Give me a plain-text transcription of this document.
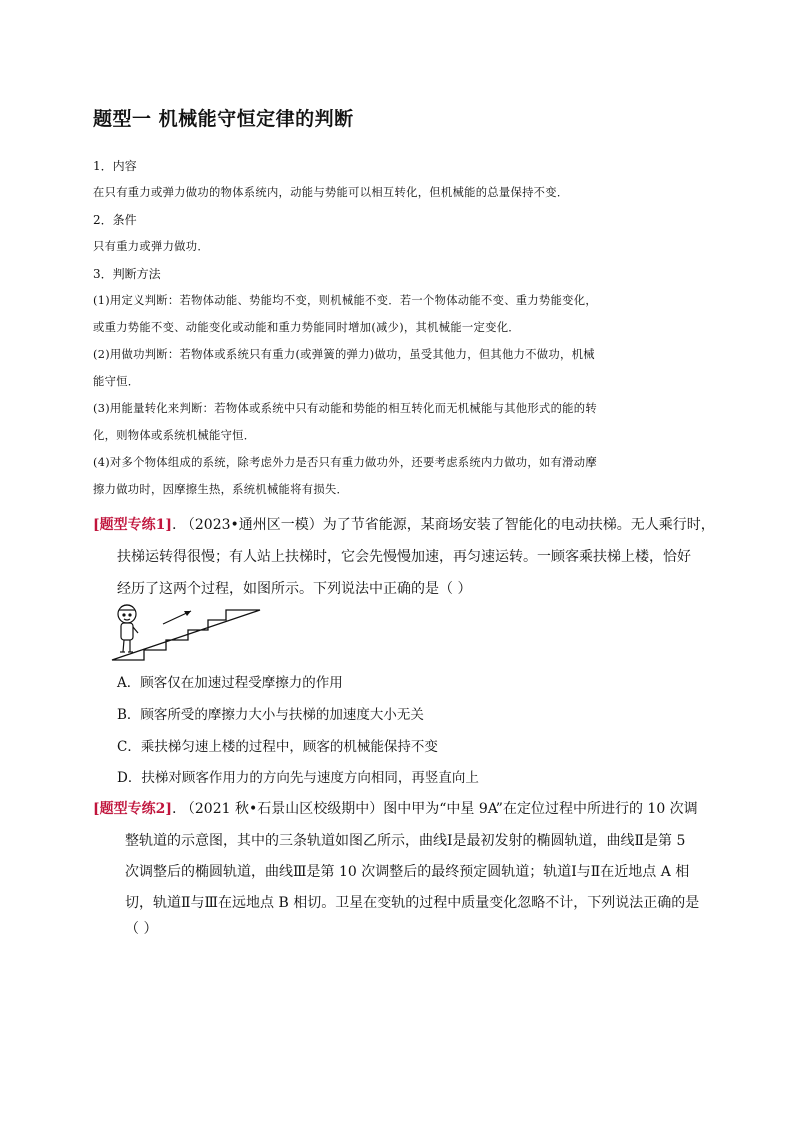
题型一 机械能守恒定律的判断
1．内容
在只有重力或弹力做功的物体系统内，动能与势能可以相互转化，但机械能的总量保持不变．
2．条件
只有重力或弹力做功．
3．判断方法
(1)用定义判断：若物体动能、势能均不变，则机械能不变．若一个物体动能不变、重力势能变化，
或重力势能不变、动能变化或动能和重力势能同时增加(减少)，其机械能一定变化．
(2)用做功判断：若物体或系统只有重力(或弹簧的弹力)做功，虽受其他力，但其他力不做功，机械
能守恒．
(3)用能量转化来判断：若物体或系统中只有动能和势能的相互转化而无机械能与其他形式的能的转
化，则物体或系统机械能守恒．
(4)对多个物体组成的系统，除考虑外力是否只有重力做功外，还要考虑系统内力做功，如有滑动摩
擦力做功时，因摩擦生热，系统机械能将有损失．
[题型专练1]. （2023•通州区一模）为了节省能源，某商场安装了智能化的电动扶梯。无人乘行时，
扶梯运转得很慢；有人站上扶梯时，它会先慢慢加速，再匀速运转。一顾客乘扶梯上楼，恰好
经历了这两个过程，如图所示。下列说法中正确的是（ ）
A．顾客仅在加速过程受摩擦力的作用
B．顾客所受的摩擦力大小与扶梯的加速度大小无关
C．乘扶梯匀速上楼的过程中，顾客的机械能保持不变
D．扶梯对顾客作用力的方向先与速度方向相同，再竖直向上
[题型专练2]. （2021 秋•石景山区校级期中）图中甲为“中星 9A”在定位过程中所进行的 10 次调
整轨道的示意图，其中的三条轨道如图乙所示，曲线Ⅰ是最初发射的椭圆轨道，曲线Ⅱ是第 5
次调整后的椭圆轨道，曲线Ⅲ是第 10 次调整后的最终预定圆轨道；轨道Ⅰ与Ⅱ在近地点 A 相
切，轨道Ⅱ与Ⅲ在远地点 B 相切。卫星在变轨的过程中质量变化忽略不计，下列说法正确的是
（ ）
